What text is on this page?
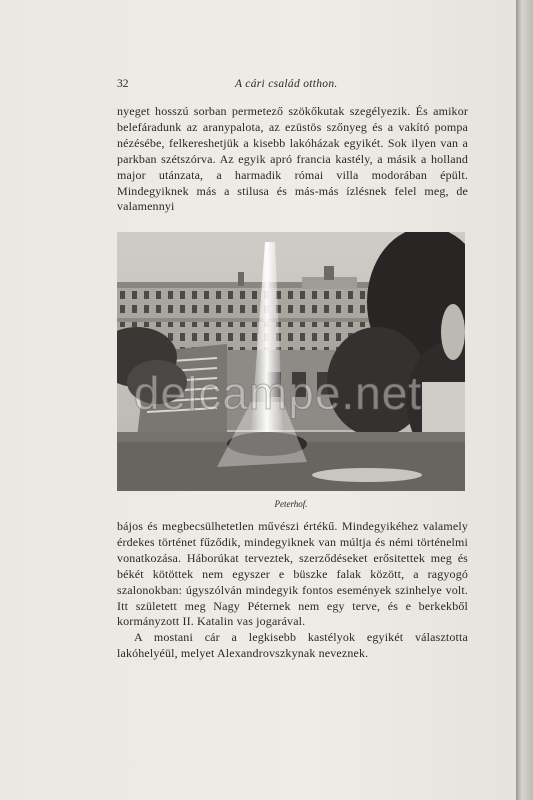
32	A cári család otthon.

nyeget hosszú sorban permetező szökőkutak szegélyezik. És amikor belefáradunk az aranypalota, az ezüstös szőnyeg és a vakító pompa nézésébe, felkereshetjük a kisebb lakóházak egyikét. Sok ilyen van a parkban szétszórva. Az egyik apró francia kastély, a másik a holland major utánzata, a harmadik római villa modorában épült. Mindegyiknek más a stilusa és más-más ízlésnek felel meg, de valamennyi

Peterhof.

bájos és megbecsülhetetlen művészi értékű. Mindegyikéhez valamely érdekes történet fűződik, mindegyiknek van múltja és némi történelmi vonatkozása. Háborúkat terveztek, szerződéseket erősitettek meg és békét kötöttek nem egyszer e büszke falak között, a ragyogó szalonokban: úgyszólván mindegyik fontos események szinhelye volt. Itt született meg Nagy Péternek nem egy terve, és e berkekből kormányzott II. Katalin vas jogarával.

A mostani cár a legkisebb kastélyok egyikét választotta lakóhelyéül, melyet Alexandrovszkynak neveznek.

delcampe.net
